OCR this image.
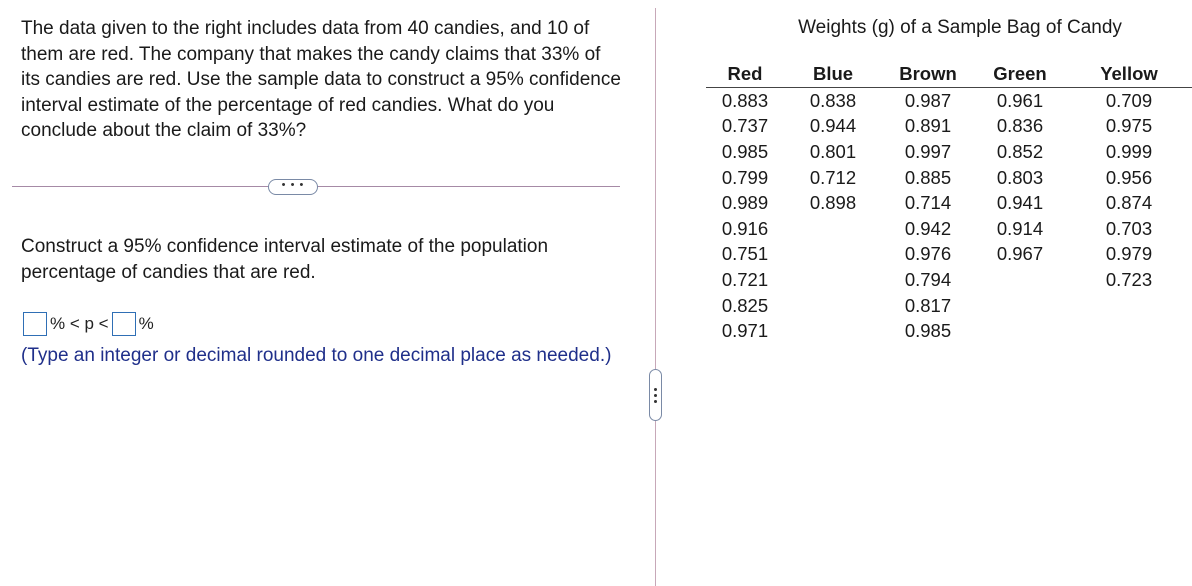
The data given to the right includes data from 40 candies, and 10 of them are red. The company that makes the candy claims that 33% of its candies are red. Use the sample data to construct a 95% confidence interval estimate of the percentage of red candies. What do you conclude about the claim of 33%?

• • •

Construct a 95% confidence interval estimate of the population percentage of candies that are red.

% < p < %

(Type an integer or decimal rounded to one decimal place as needed.)

Weights (g) of a Sample Bag of Candy

Red	Blue	Brown	Green	Yellow
0.883	0.838	0.987	0.961	0.709
0.737	0.944	0.891	0.836	0.975
0.985	0.801	0.997	0.852	0.999
0.799	0.712	0.885	0.803	0.956
0.989	0.898	0.714	0.941	0.874
0.916		0.942	0.914	0.703
0.751		0.976	0.967	0.979
0.721		0.794		0.723
0.825		0.817		
0.971		0.985		
